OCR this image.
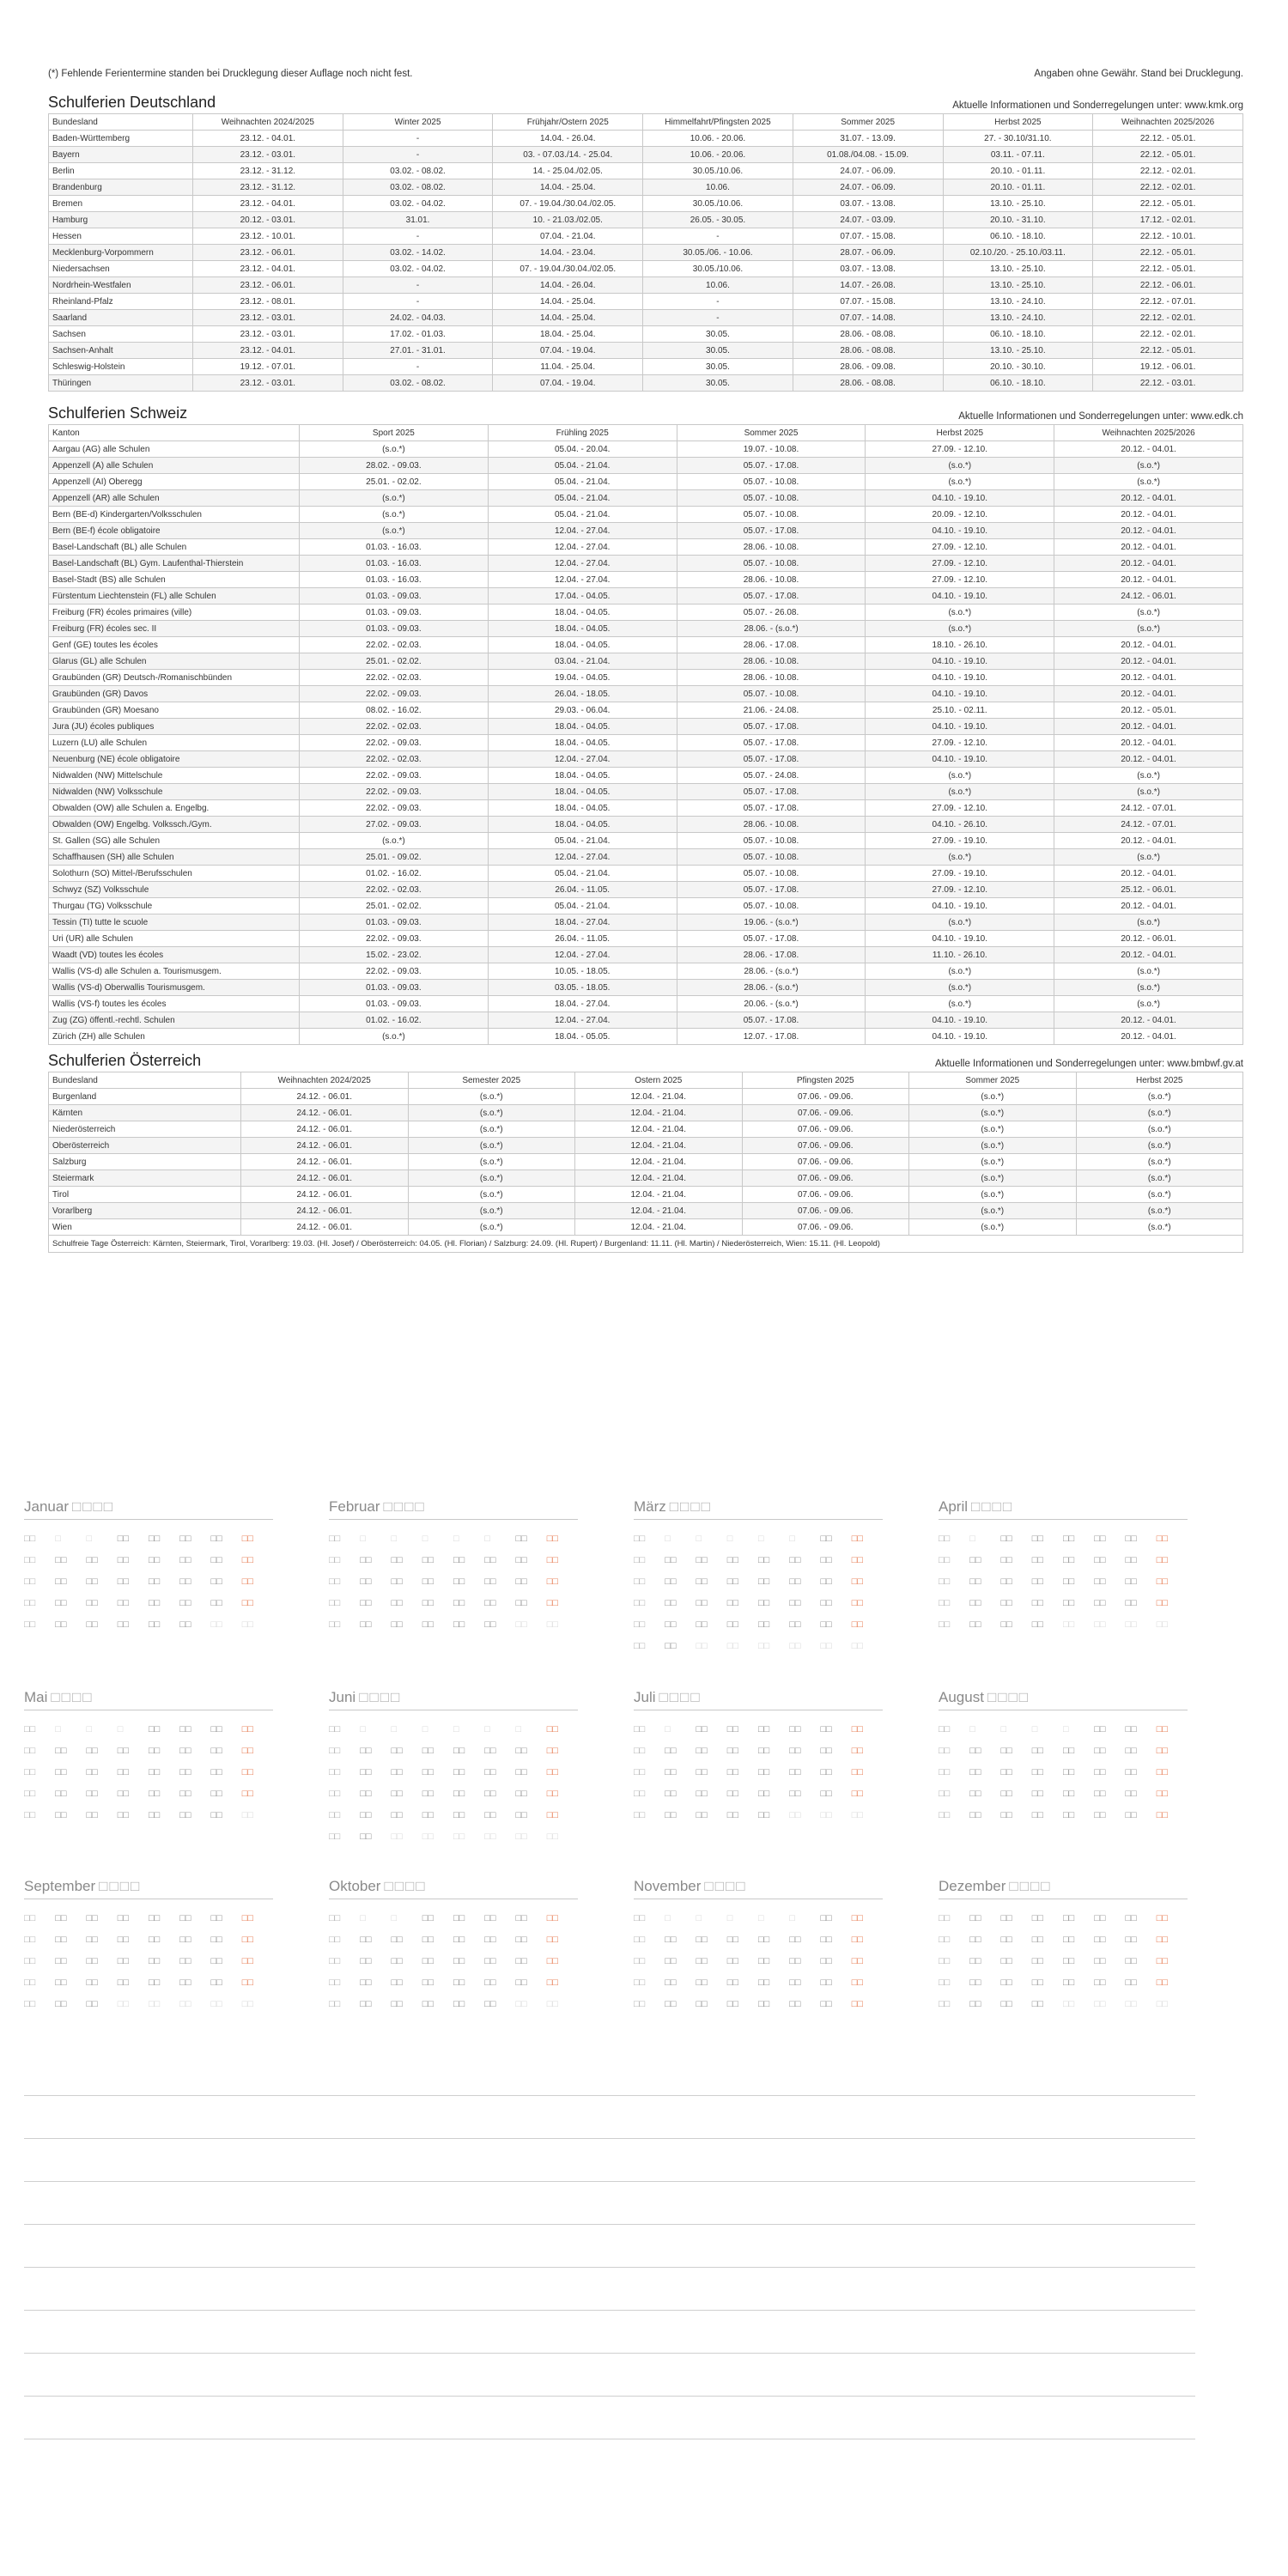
(*) Fehlende Ferientermine standen bei Drucklegung dieser Auflage noch nicht fest.	Angaben ohne Gewähr. Stand bei Drucklegung.
Schulferien Deutschland	Aktuelle Informationen und Sonderregelungen unter: www.kmk.org
Bundesland	Weihnachten 2024/2025	Winter 2025	Frühjahr/Ostern 2025	Himmelfahrt/Pfingsten 2025	Sommer 2025	Herbst 2025	Weihnachten 2025/2026
Baden-Württemberg	23.12. - 04.01.	-	14.04. - 26.04.	10.06. - 20.06.	31.07. - 13.09.	27. - 30.10/31.10.	22.12. - 05.01.
Bayern	23.12. - 03.01.	-	03. - 07.03./14. - 25.04.	10.06. - 20.06.	01.08./04.08. - 15.09.	03.11. - 07.11.	22.12. - 05.01.
Berlin	23.12. - 31.12.	03.02. - 08.02.	14. - 25.04./02.05.	30.05./10.06.	24.07. - 06.09.	20.10. - 01.11.	22.12. - 02.01.
Brandenburg	23.12. - 31.12.	03.02. - 08.02.	14.04. - 25.04.	10.06.	24.07. - 06.09.	20.10. - 01.11.	22.12. - 02.01.
Bremen	23.12. - 04.01.	03.02. - 04.02.	07. - 19.04./30.04./02.05.	30.05./10.06.	03.07. - 13.08.	13.10. - 25.10.	22.12. - 05.01.
Hamburg	20.12. - 03.01.	31.01.	10. - 21.03./02.05.	26.05. - 30.05.	24.07. - 03.09.	20.10. - 31.10.	17.12. - 02.01.
Hessen	23.12. - 10.01.	-	07.04. - 21.04.	-	07.07. - 15.08.	06.10. - 18.10.	22.12. - 10.01.
Mecklenburg-Vorpommern	23.12. - 06.01.	03.02. - 14.02.	14.04. - 23.04.	30.05./06. - 10.06.	28.07. - 06.09.	02.10./20. - 25.10./03.11.	22.12. - 05.01.
Niedersachsen	23.12. - 04.01.	03.02. - 04.02.	07. - 19.04./30.04./02.05.	30.05./10.06.	03.07. - 13.08.	13.10. - 25.10.	22.12. - 05.01.
Nordrhein-Westfalen	23.12. - 06.01.	-	14.04. - 26.04.	10.06.	14.07. - 26.08.	13.10. - 25.10.	22.12. - 06.01.
Rheinland-Pfalz	23.12. - 08.01.	-	14.04. - 25.04.	-	07.07. - 15.08.	13.10. - 24.10.	22.12. - 07.01.
Saarland	23.12. - 03.01.	24.02. - 04.03.	14.04. - 25.04.	-	07.07. - 14.08.	13.10. - 24.10.	22.12. - 02.01.
Sachsen	23.12. - 03.01.	17.02. - 01.03.	18.04. - 25.04.	30.05.	28.06. - 08.08.	06.10. - 18.10.	22.12. - 02.01.
Sachsen-Anhalt	23.12. - 04.01.	27.01. - 31.01.	07.04. - 19.04.	30.05.	28.06. - 08.08.	13.10. - 25.10.	22.12. - 05.01.
Schleswig-Holstein	19.12. - 07.01.	-	11.04. - 25.04.	30.05.	28.06. - 09.08.	20.10. - 30.10.	19.12. - 06.01.
Thüringen	23.12. - 03.01.	03.02. - 08.02.	07.04. - 19.04.	30.05.	28.06. - 08.08.	06.10. - 18.10.	22.12. - 03.01.
Schulferien Schweiz	Aktuelle Informationen und Sonderregelungen unter: www.edk.ch
Kanton	Sport 2025	Frühling 2025	Sommer 2025	Herbst 2025	Weihnachten 2025/2026
Aargau (AG) alle Schulen	(s.o.*)	05.04. - 20.04.	19.07. - 10.08.	27.09. - 12.10.	20.12. - 04.01.
Appenzell (A) alle Schulen	28.02. - 09.03.	05.04. - 21.04.	05.07. - 17.08.	(s.o.*)	(s.o.*)
Appenzell (AI) Oberegg	25.01. - 02.02.	05.04. - 21.04.	05.07. - 10.08.	(s.o.*)	(s.o.*)
Appenzell (AR) alle Schulen	(s.o.*)	05.04. - 21.04.	05.07. - 10.08.	04.10. - 19.10.	20.12. - 04.01.
Bern (BE-d) Kindergarten/Volksschulen	(s.o.*)	05.04. - 21.04.	05.07. - 10.08.	20.09. - 12.10.	20.12. - 04.01.
Bern (BE-f) école obligatoire	(s.o.*)	12.04. - 27.04.	05.07. - 17.08.	04.10. - 19.10.	20.12. - 04.01.
Basel-Landschaft (BL) alle Schulen	01.03. - 16.03.	12.04. - 27.04.	28.06. - 10.08.	27.09. - 12.10.	20.12. - 04.01.
Basel-Landschaft (BL) Gym. Laufenthal-Thierstein	01.03. - 16.03.	12.04. - 27.04.	05.07. - 10.08.	27.09. - 12.10.	20.12. - 04.01.
Basel-Stadt (BS) alle Schulen	01.03. - 16.03.	12.04. - 27.04.	28.06. - 10.08.	27.09. - 12.10.	20.12. - 04.01.
Fürstentum Liechtenstein (FL) alle Schulen	01.03. - 09.03.	17.04. - 04.05.	05.07. - 17.08.	04.10. - 19.10.	24.12. - 06.01.
Freiburg (FR) écoles primaires (ville)	01.03. - 09.03.	18.04. - 04.05.	05.07. - 26.08.	(s.o.*)	(s.o.*)
Freiburg (FR) écoles sec. II	01.03. - 09.03.	18.04. - 04.05.	28.06. - (s.o.*)	(s.o.*)	(s.o.*)
Genf (GE) toutes les écoles	22.02. - 02.03.	18.04. - 04.05.	28.06. - 17.08.	18.10. - 26.10.	20.12. - 04.01.
Glarus (GL) alle Schulen	25.01. - 02.02.	03.04. - 21.04.	28.06. - 10.08.	04.10. - 19.10.	20.12. - 04.01.
Graubünden (GR) Deutsch-/Romanischbünden	22.02. - 02.03.	19.04. - 04.05.	28.06. - 10.08.	04.10. - 19.10.	20.12. - 04.01.
Graubünden (GR) Davos	22.02. - 09.03.	26.04. - 18.05.	05.07. - 10.08.	04.10. - 19.10.	20.12. - 04.01.
Graubünden (GR) Moesano	08.02. - 16.02.	29.03. - 06.04.	21.06. - 24.08.	25.10. - 02.11.	20.12. - 05.01.
Jura (JU) écoles publiques	22.02. - 02.03.	18.04. - 04.05.	05.07. - 17.08.	04.10. - 19.10.	20.12. - 04.01.
Luzern (LU) alle Schulen	22.02. - 09.03.	18.04. - 04.05.	05.07. - 17.08.	27.09. - 12.10.	20.12. - 04.01.
Neuenburg (NE) école obligatoire	22.02. - 02.03.	12.04. - 27.04.	05.07. - 17.08.	04.10. - 19.10.	20.12. - 04.01.
Nidwalden (NW) Mittelschule	22.02. - 09.03.	18.04. - 04.05.	05.07. - 24.08.	(s.o.*)	(s.o.*)
Nidwalden (NW) Volksschule	22.02. - 09.03.	18.04. - 04.05.	05.07. - 17.08.	(s.o.*)	(s.o.*)
Obwalden (OW) alle Schulen a. Engelbg.	22.02. - 09.03.	18.04. - 04.05.	05.07. - 17.08.	27.09. - 12.10.	24.12. - 07.01.
Obwalden (OW) Engelbg. Volkssch./Gym.	27.02. - 09.03.	18.04. - 04.05.	28.06. - 10.08.	04.10. - 26.10.	24.12. - 07.01.
St. Gallen (SG) alle Schulen	(s.o.*)	05.04. - 21.04.	05.07. - 10.08.	27.09. - 19.10.	20.12. - 04.01.
Schaffhausen (SH) alle Schulen	25.01. - 09.02.	12.04. - 27.04.	05.07. - 10.08.	(s.o.*)	(s.o.*)
Solothurn (SO) Mittel-/Berufsschulen	01.02. - 16.02.	05.04. - 21.04.	05.07. - 10.08.	27.09. - 19.10.	20.12. - 04.01.
Schwyz (SZ) Volksschule	22.02. - 02.03.	26.04. - 11.05.	05.07. - 17.08.	27.09. - 12.10.	25.12. - 06.01.
Thurgau (TG) Volksschule	25.01. - 02.02.	05.04. - 21.04.	05.07. - 10.08.	04.10. - 19.10.	20.12. - 04.01.
Tessin (TI) tutte le scuole	01.03. - 09.03.	18.04. - 27.04.	19.06. - (s.o.*)	(s.o.*)	(s.o.*)
Uri (UR) alle Schulen	22.02. - 09.03.	26.04. - 11.05.	05.07. - 17.08.	04.10. - 19.10.	20.12. - 06.01.
Waadt (VD) toutes les écoles	15.02. - 23.02.	12.04. - 27.04.	28.06. - 17.08.	11.10. - 26.10.	20.12. - 04.01.
Wallis (VS-d) alle Schulen a. Tourismusgem.	22.02. - 09.03.	10.05. - 18.05.	28.06. - (s.o.*)	(s.o.*)	(s.o.*)
Wallis (VS-d) Oberwallis Tourismusgem.	01.03. - 09.03.	03.05. - 18.05.	28.06. - (s.o.*)	(s.o.*)	(s.o.*)
Wallis (VS-f) toutes les écoles	01.03. - 09.03.	18.04. - 27.04.	20.06. - (s.o.*)	(s.o.*)	(s.o.*)
Zug (ZG) öffentl.-rechtl. Schulen	01.02. - 16.02.	12.04. - 27.04.	05.07. - 17.08.	04.10. - 19.10.	20.12. - 04.01.
Zürich (ZH) alle Schulen	(s.o.*)	18.04. - 05.05.	12.07. - 17.08.	04.10. - 19.10.	20.12. - 04.01.
Schulferien Österreich	Aktuelle Informationen und Sonderregelungen unter: www.bmbwf.gv.at
Bundesland	Weihnachten 2024/2025	Semester 2025	Ostern 2025	Pfingsten 2025	Sommer 2025	Herbst 2025
Burgenland	24.12. - 06.01.	(s.o.*)	12.04. - 21.04.	07.06. - 09.06.	(s.o.*)	(s.o.*)
Kärnten	24.12. - 06.01.	(s.o.*)	12.04. - 21.04.	07.06. - 09.06.	(s.o.*)	(s.o.*)
Niederösterreich	24.12. - 06.01.	(s.o.*)	12.04. - 21.04.	07.06. - 09.06.	(s.o.*)	(s.o.*)
Oberösterreich	24.12. - 06.01.	(s.o.*)	12.04. - 21.04.	07.06. - 09.06.	(s.o.*)	(s.o.*)
Salzburg	24.12. - 06.01.	(s.o.*)	12.04. - 21.04.	07.06. - 09.06.	(s.o.*)	(s.o.*)
Steiermark	24.12. - 06.01.	(s.o.*)	12.04. - 21.04.	07.06. - 09.06.	(s.o.*)	(s.o.*)
Tirol	24.12. - 06.01.	(s.o.*)	12.04. - 21.04.	07.06. - 09.06.	(s.o.*)	(s.o.*)
Vorarlberg	24.12. - 06.01.	(s.o.*)	12.04. - 21.04.	07.06. - 09.06.	(s.o.*)	(s.o.*)
Wien	24.12. - 06.01.	(s.o.*)	12.04. - 21.04.	07.06. - 09.06.	(s.o.*)	(s.o.*)
Schulfreie Tage Österreich: Kärnten, Steiermark, Tirol, Vorarlberg: 19.03. (Hl. Josef) / Oberösterreich: 04.05. (Hl. Florian) / Salzburg: 24.09. (Hl. Rupert) / Burgenland: 11.11. (Hl. Martin) / Niederösterreich, Wien: 15.11. (Hl. Leopold)
Januar □□□□
□□	□	□	□□	□□	□□	□□	□□
□□	□□	□□	□□	□□	□□	□□	□□
□□	□□	□□	□□	□□	□□	□□	□□
□□	□□	□□	□□	□□	□□	□□	□□
□□	□□	□□	□□	□□	□□	□□	□□
Februar □□□□
□□	□	□	□	□	□	□□	□□
□□	□□	□□	□□	□□	□□	□□	□□
□□	□□	□□	□□	□□	□□	□□	□□
□□	□□	□□	□□	□□	□□	□□	□□
□□	□□	□□	□□	□□	□□	□□	□□
März □□□□
□□	□	□	□	□	□	□□	□□
□□	□□	□□	□□	□□	□□	□□	□□
□□	□□	□□	□□	□□	□□	□□	□□
□□	□□	□□	□□	□□	□□	□□	□□
□□	□□	□□	□□	□□	□□	□□	□□
□□	□□	□□	□□	□□	□□	□□	□□
April □□□□
□□	□	□□	□□	□□	□□	□□	□□
□□	□□	□□	□□	□□	□□	□□	□□
□□	□□	□□	□□	□□	□□	□□	□□
□□	□□	□□	□□	□□	□□	□□	□□
□□	□□	□□	□□	□□	□□	□□	□□
Mai □□□□
□□	□	□	□	□□	□□	□□	□□
□□	□□	□□	□□	□□	□□	□□	□□
□□	□□	□□	□□	□□	□□	□□	□□
□□	□□	□□	□□	□□	□□	□□	□□
□□	□□	□□	□□	□□	□□	□□	□□
Juni □□□□
□□	□	□	□	□	□	□	□□
□□	□□	□□	□□	□□	□□	□□	□□
□□	□□	□□	□□	□□	□□	□□	□□
□□	□□	□□	□□	□□	□□	□□	□□
□□	□□	□□	□□	□□	□□	□□	□□
□□	□□	□□	□□	□□	□□	□□	□□
Juli □□□□
□□	□	□□	□□	□□	□□	□□	□□
□□	□□	□□	□□	□□	□□	□□	□□
□□	□□	□□	□□	□□	□□	□□	□□
□□	□□	□□	□□	□□	□□	□□	□□
□□	□□	□□	□□	□□	□□	□□	□□
August □□□□
□□	□	□	□	□	□□	□□	□□
□□	□□	□□	□□	□□	□□	□□	□□
□□	□□	□□	□□	□□	□□	□□	□□
□□	□□	□□	□□	□□	□□	□□	□□
□□	□□	□□	□□	□□	□□	□□	□□
September □□□□
□□	□□	□□	□□	□□	□□	□□	□□
□□	□□	□□	□□	□□	□□	□□	□□
□□	□□	□□	□□	□□	□□	□□	□□
□□	□□	□□	□□	□□	□□	□□	□□
□□	□□	□□	□□	□□	□□	□□	□□
Oktober □□□□
□□	□	□	□□	□□	□□	□□	□□
□□	□□	□□	□□	□□	□□	□□	□□
□□	□□	□□	□□	□□	□□	□□	□□
□□	□□	□□	□□	□□	□□	□□	□□
□□	□□	□□	□□	□□	□□	□□	□□
November □□□□
□□	□	□	□	□	□	□□	□□
□□	□□	□□	□□	□□	□□	□□	□□
□□	□□	□□	□□	□□	□□	□□	□□
□□	□□	□□	□□	□□	□□	□□	□□
□□	□□	□□	□□	□□	□□	□□	□□
Dezember □□□□
□□	□□	□□	□□	□□	□□	□□	□□
□□	□□	□□	□□	□□	□□	□□	□□
□□	□□	□□	□□	□□	□□	□□	□□
□□	□□	□□	□□	□□	□□	□□	□□
□□	□□	□□	□□	□□	□□	□□	□□
